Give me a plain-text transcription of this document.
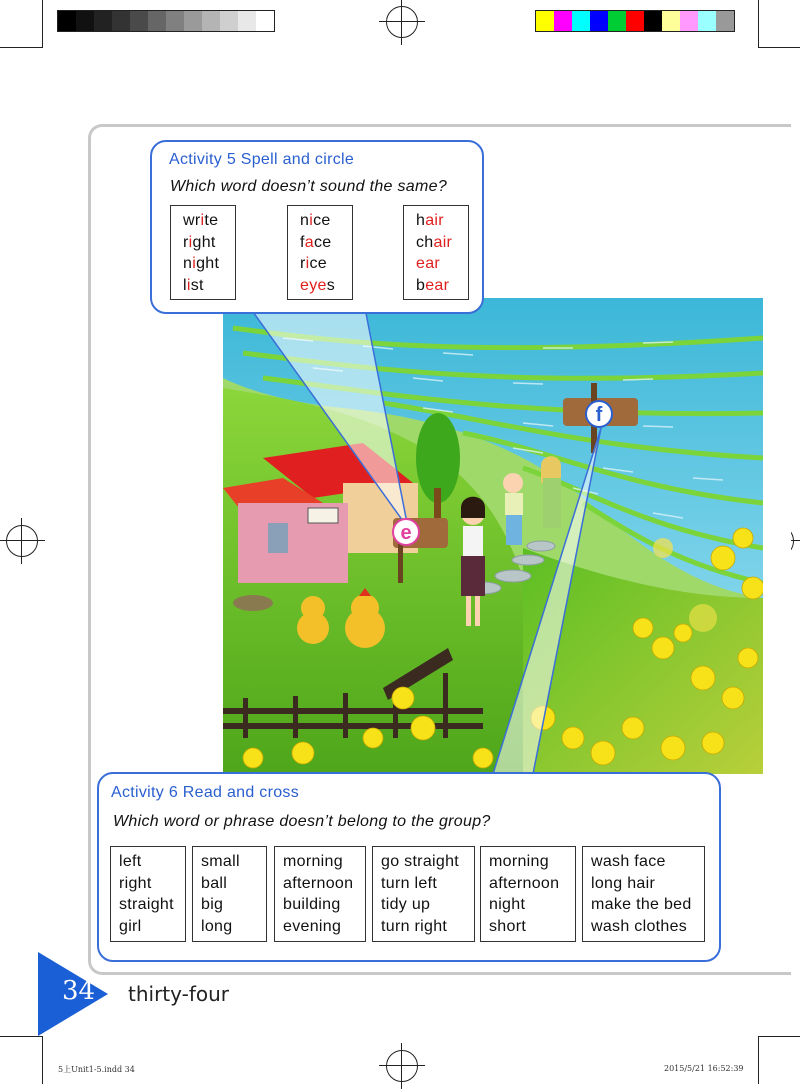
e
f
Activity 5 Spell and circle
Which word doesn’t sound the same?
write
right
night
list
nice
face
rice
eyes
hair
chair
ear
bear
Activity 6 Read and cross
Which word or phrase doesn’t belong to the group?
left
right
straight
girl
small
ball
big
long
morning
afternoon
building
evening
go straight
turn left
tidy up
turn right
morning
afternoon
night
short
wash face
long hair
make the bed
wash clothes
34 thirty-four
5上Unit1-5.indd 34	2015/5/21 16:52:39
